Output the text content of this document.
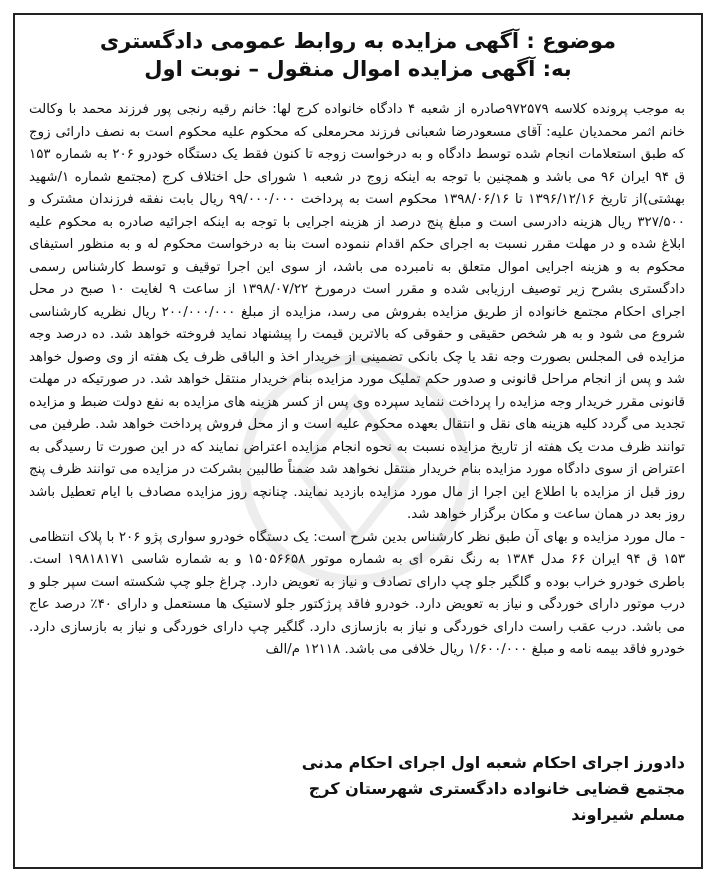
موضوع : آگهی مزایده به روابط عمومی دادگستری
به: آگهی مزایده اموال منقول – نوبت اول

به موجب پرونده کلاسه ۹۷۲۵۷۹صادره از شعبه ۴ دادگاه خانواده کرج لها: خانم رقیه رنجی پور فرزند محمد با وکالت خانم اثمر محمدیان علیه: آقای مسعودرضا شعبانی فرزند محرمعلی که محکوم علیه محکوم است به نصف دارائی زوج که طبق استعلامات انجام شده توسط دادگاه و به درخواست زوجه تا کنون فقط یک دستگاه خودرو ۲۰۶ به شماره ۱۵۳ ق ۹۴ ایران ۹۶ می باشد و همچنین با توجه به اینکه زوج در شعبه ۱ شورای حل اختلاف کرج (مجتمع شماره ۱/شهید بهشتی)از تاریخ ۱۳۹۶/۱۲/۱۶ تا ۱۳۹۸/۰۶/۱۶ محکوم است به پرداخت ۹۹/۰۰۰/۰۰۰ ریال بابت نفقه فرزندان مشترک و ۳۲۷/۵۰۰ ریال هزینه دادرسی است و مبلغ پنج درصد از هزینه اجرایی با توجه به اینکه اجرائیه صادره به محکوم علیه ابلاغ شده و در مهلت مقرر نسبت به اجرای حکم اقدام ننموده است بنا به درخواست محکوم له و به منظور استیفای محکوم به و هزینه اجرایی اموال متعلق به نامبرده می باشد، از سوی این اجرا توقیف و توسط کارشناس رسمی دادگستری بشرح زیر توصیف ارزیابی شده و مقرر است درمورخ ۱۳۹۸/۰۷/۲۲ از ساعت ۹ لغایت ۱۰ صبح در محل اجرای احکام مجتمع خانواده از طریق مزایده بفروش می رسد، مزایده از مبلغ ۲۰۰/۰۰۰/۰۰۰ ریال نظریه کارشناسی شروع می شود و به هر شخص حقیقی و حقوقی که بالاترین قیمت را پیشنهاد نماید فروخته خواهد شد. ده درصد وجه مزایده فی المجلس بصورت وجه نقد یا چک بانکی تضمینی از خریدار اخذ و الباقی ظرف یک هفته از وی وصول خواهد شد و پس از انجام مراحل قانونی و صدور حکم تملیک مورد مزایده بنام خریدار منتقل خواهد شد. در صورتیکه در مهلت قانونی مقرر خریدار وجه مزایده را پرداخت ننماید سپرده وی پس از کسر هزینه های مزایده به نفع دولت ضبط و مزایده تجدید می گردد کلیه هزینه های نقل و انتقال بعهده محکوم علیه است و از محل فروش پرداخت خواهد شد. طرفین می توانند ظرف مدت یک هفته از تاریخ مزایده نسبت به نحوه انجام مزایده اعتراض نمایند که در این صورت تا رسیدگی به اعتراض از سوی دادگاه مورد مزایده بنام خریدار منتقل نخواهد شد ضمناً طالبین بشرکت در مزایده می توانند ظرف پنج روز قبل از مزایده با اطلاع این اجرا از مال مورد مزایده بازدید نمایند. چنانچه روز مزایده مصادف با ایام تعطیل باشد روز بعد در همان ساعت و مکان برگزار خواهد شد.

- مال مورد مزایده و بهای آن طبق نظر کارشناس بدین شرح است: یک دستگاه خودرو سواری پژو ۲۰۶ با پلاک انتظامی ۱۵۳ ق ۹۴ ایران ۶۶ مدل ۱۳۸۴ به رنگ نقره ای به شماره موتور ۱۵۰۵۶۶۵۸ و به شماره شاسی ۱۹۸۱۸۱۷۱ است. باطری خودرو خراب بوده و گلگیر جلو چپ دارای تصادف و نیاز به تعویض دارد. چراغ جلو چپ شکسته است سپر جلو و درب موتور دارای خوردگی و نیاز به تعویض دارد. خودرو فاقد پرژکتور جلو لاستیک ها مستعمل و دارای ۴۰٪ درصد عاج می باشد. درب عقب راست دارای خوردگی و نیاز به بازسازی دارد. گلگیر چپ دارای خوردگی و نیاز به بازسازی دارد. خودرو فاقد بیمه نامه و مبلغ ۱/۶۰۰/۰۰۰ ریال خلافی می باشد. ۱۲۱۱۸ م/الف

دادورز اجرای احکام شعبه اول اجرای احکام مدنی
مجتمع قضایی خانواده دادگستری شهرستان کرج
مسلم شیراوند
